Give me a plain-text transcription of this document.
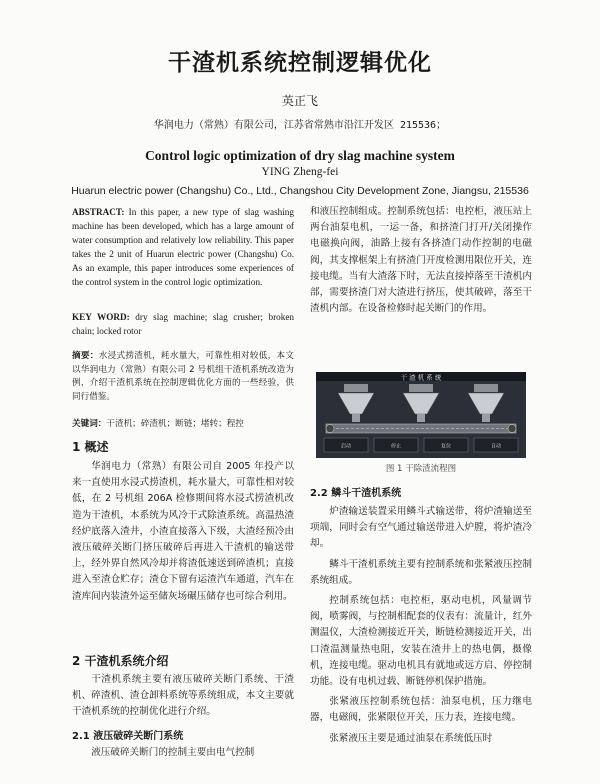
干渣机系统控制逻辑优化
英正飞
华润电力（常熟）有限公司，江苏省常熟市沿江开发区 215536；
Control logic optimization of dry slag machine system
YING Zheng-fei
Huarun electric power (Changshu) Co., Ltd., Changshou City Development Zone, Jiangsu, 215536

ABSTRACT: In this paper, a new type of slag washing machine has been developed, which has a large amount of water consumption and relatively low reliability. This paper takes the 2 unit of Huarun electric power (Changshu) Co. As an example, this paper introduces some experiences of the control system in the control logic optimization.

KEY WORD: dry slag machine; slag crusher; broken chain; locked rotor

摘要：水浸式捞渣机，耗水量大，可靠性相对较低，本文以华润电力（常熟）有限公司 2 号机组干渣机系统改造为例，介绍干渣机系统在控制逻辑优化方面的一些经验，供同行借鉴。

关键词：干渣机；碎渣机；断链；堵转；程控

1 概述

华润电力（常熟）有限公司自 2005 年投产以来一直使用水浸式捞渣机，耗水量大，可靠性相对较低，在 2 号机组 206A 检修期间将水浸式捞渣机改造为干渣机，本系统为风冷干式除渣系统。高温热渣经炉底落入渣井，小渣直接落入下级，大渣经预冷由液压破碎关断门挤压破碎后再进入干渣机的输送带上，经外界自然风冷却并将渣低速送到碎渣机；直接进入至渣仓贮存；渣仓下留有运渣汽车通道，汽车在渣库间内装渣外运至储灰场碾压储存也可综合利用。

2 干渣机系统介绍

干渣机系统主要有液压破碎关断门系统、干渣机、碎渣机、渣仓卸料系统等系统组成，本文主要就干渣机系统的控制优化进行介绍。

2.1 液压破碎关断门系统

液压破碎关断门的控制主要由电气控制

和液压控制组成。控制系统包括：电控柜，液压站上两台油泵电机，一运一备，和挤渣门打开/关闭操作电磁换向阀，油路上接有各挤渣门动作控制的电磁阀，其支撑框架上有挤渣门开度检测用限位开关，连接电缆。当有大渣落下时，无法直接掉落至干渣机内部，需要挤渣门对大渣进行挤压，使其破碎，落至干渣机内部。在设备检修时起关断门的作用。

干 渣 机 系 统
启动	停止	复位	自动
图 1 干除渣流程图

2.2 鳞斗干渣机系统

炉渣输送装置采用鳞斗式输送带，将炉渣输送至项端，同时会有空气通过输送带进入炉膛，将炉渣冷却。

鳞斗干渣机系统主要有控制系统和张紧液压控制系统组成。

控制系统包括：电控柜，驱动电机，风量调节阀，喷雾阀，与控制相配套的仪表有：流量计，红外测温仪，大渣检测接近开关，断链检测接近开关，出口渣温测量热电阻，安装在渣井上的热电偶，摄像机，连接电缆。驱动电机具有就地或远方启、停控制功能。设有电机过载、断链停机保护措施。

张紧液压控制系统包括：油泵电机，压力继电器，电磁阀，张紧限位开关，压力表，连接电缆。

张紧液压主要是通过油泵在系统低压时
